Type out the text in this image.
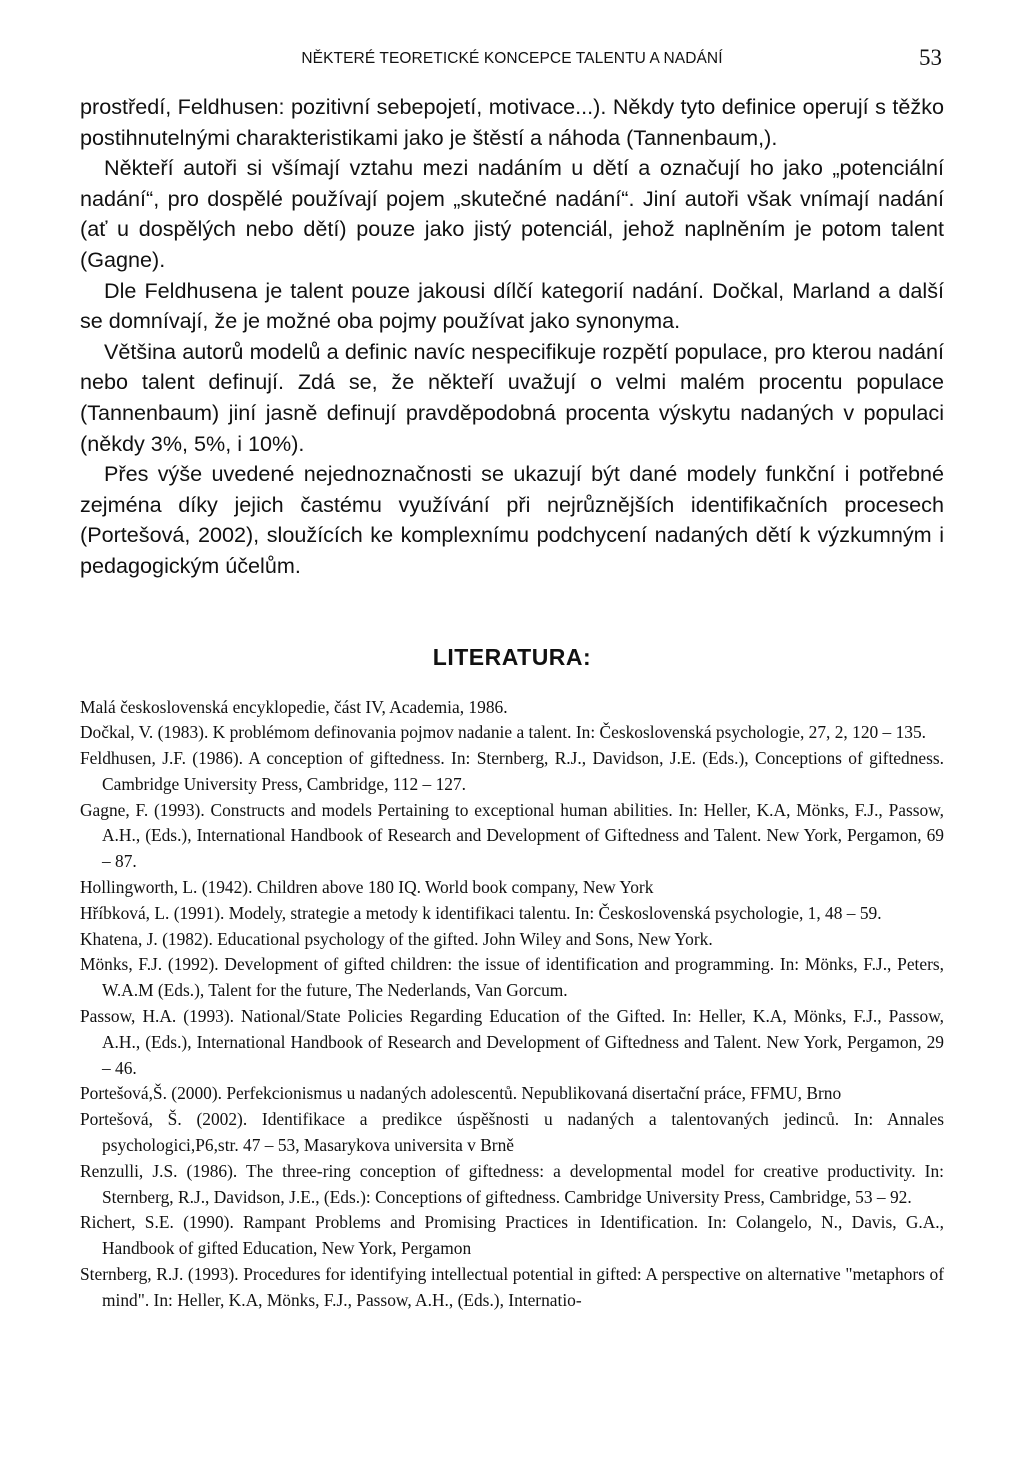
NĚKTERÉ TEORETICKÉ KONCEPCE TALENTU A NADÁNÍ	53

prostředí, Feldhusen: pozitivní sebepojetí, motivace...). Někdy tyto definice operují s těžko postihnutelnými charakteristikami jako je štěstí a náhoda (Tannenbaum,).

Někteří autoři si všímají vztahu mezi nadáním u dětí a označují ho jako „potenciální nadání“, pro dospělé používají pojem „skutečné nadání“. Jiní autoři však vnímají nadání (ať u dospělých nebo dětí) pouze jako jistý potenciál, jehož naplněním je potom talent (Gagne).

Dle Feldhusena je talent pouze jakousi dílčí kategorií nadání. Dočkal, Marland a další se domnívají, že je možné oba pojmy používat jako synonyma.

Většina autorů modelů a definic navíc nespecifikuje rozpětí populace, pro kterou nadání nebo talent definují. Zdá se, že někteří uvažují o velmi malém procentu populace (Tannenbaum) jiní jasně definují pravděpodobná procenta výskytu nadaných v populaci (někdy 3%, 5%, i 10%).

Přes výše uvedené nejednoznačnosti se ukazují být dané modely funkční i potřebné zejména díky jejich častému využívání při nejrůznějších identifikačních procesech (Portešová, 2002), sloužících ke komplexnímu podchycení nadaných dětí k výzkumným i pedagogickým účelům.

LITERATURA:
Malá československá encyklopedie, část IV, Academia, 1986.
Dočkal, V. (1983). K problémom definovania pojmov nadanie a talent. In: Československá psychologie, 27, 2, 120 – 135.
Feldhusen, J.F. (1986). A conception of giftedness. In: Sternberg, R.J., Davidson, J.E. (Eds.), Conceptions of giftedness. Cambridge University Press, Cambridge, 112 – 127.
Gagne, F. (1993). Constructs and models Pertaining to exceptional human abilities. In: Heller, K.A, Mönks, F.J., Passow, A.H., (Eds.), International Handbook of Research and Development of Giftedness and Talent. New York, Pergamon, 69 – 87.
Hollingworth, L. (1942). Children above 180 IQ. World book company, New York
Hříbková, L. (1991). Modely, strategie a metody k identifikaci talentu. In: Československá psychologie, 1, 48 – 59.
Khatena, J. (1982). Educational psychology of the gifted. John Wiley and Sons, New York.
Mönks, F.J. (1992). Development of gifted children: the issue of identification and programming. In: Mönks, F.J., Peters, W.A.M (Eds.), Talent for the future, The Nederlands, Van Gorcum.
Passow, H.A. (1993). National/State Policies Regarding Education of the Gifted. In: Heller, K.A, Mönks, F.J., Passow, A.H., (Eds.), International Handbook of Research and Development of Giftedness and Talent. New York, Pergamon, 29 – 46.
Portešová,Š. (2000). Perfekcionismus u nadaných adolescentů. Nepublikovaná disertační práce, FFMU, Brno
Portešová, Š. (2002). Identifikace a predikce úspěšnosti u nadaných a talentovaných jedinců. In: Annales psychologici,P6,str. 47 – 53, Masarykova universita v Brně
Renzulli, J.S. (1986). The three-ring conception of giftedness: a developmental model for creative productivity. In: Sternberg, R.J., Davidson, J.E., (Eds.): Conceptions of giftedness. Cambridge University Press, Cambridge, 53 – 92.
Richert, S.E. (1990). Rampant Problems and Promising Practices in Identification. In: Colangelo, N., Davis, G.A., Handbook of gifted Education, New York, Pergamon
Sternberg, R.J. (1993). Procedures for identifying intellectual potential in gifted: A perspective on alternative "metaphors of mind". In: Heller, K.A, Mönks, F.J., Passow, A.H., (Eds.), Internatio-
